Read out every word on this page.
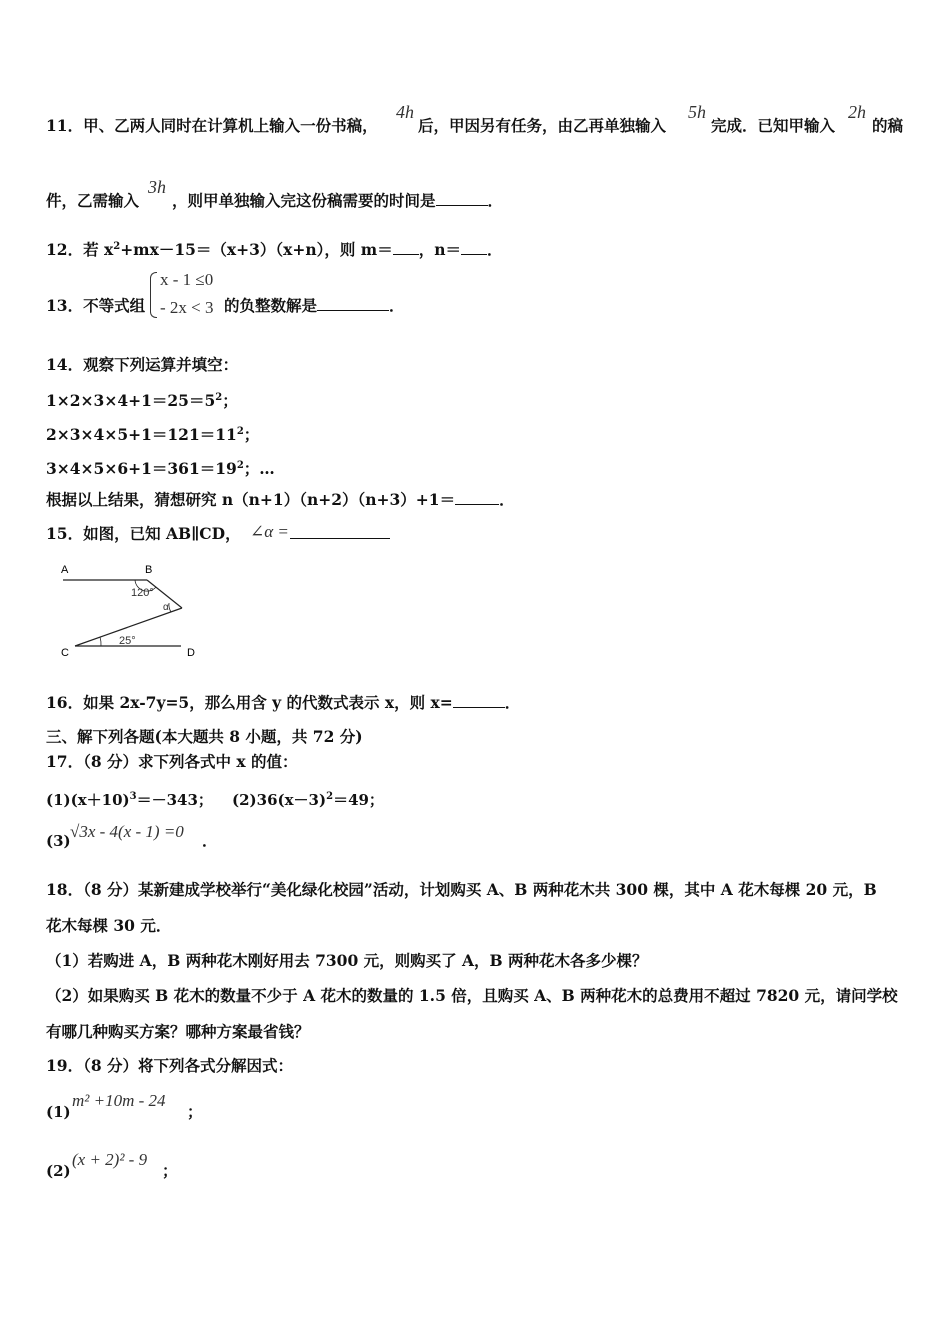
11．甲、乙两人同时在计算机上输入一份书稿，
4h
后，甲因另有任务，由乙再单独输入
5h
完成．已知甲输入
2h
的稿
件，乙需输入
3h
，则甲单独输入完这份稿需要的时间是	．
12．若 $x^2+mx-15=(x+3)(x+n)$，则 m＝ ，n＝ ．
13．不等式组
x - 1 ≤0
- 2x < 3 的负整数解是	．
14．观察下列运算并填空：
$1\times 2\times 3\times 4+1=25=5^2$；
$2\times 3\times 4\times 5+1=121=11^2$；
$3\times 4\times 5\times 6+1=361=19^2$；…
根据以上结果，猜想研究 n（n+1）（n+2）（n+3）+1＝	．
15．如图，已知 AB∥CD， ∠α =
A	B
C	D
120°
α
25°
16．如果 2x-7y=5，那么用含 y 的代数式表示 x，则 x=	．
三、解下列各题(本大题共 8 小题，共 72 分)
17．（8 分）求下列各式中 x 的值：
$(1)(x+10)^3=-343$； $(2)36(x-3)^2=49$；
(3) √3x - 4(x - 1) =0 ．
18．（8 分）某新建成学校举行“美化绿化校园”活动，计划购买 A、B 两种花木共 300 棵，其中 A 花木每棵 20 元，B
花木每棵 30 元．
（1）若购进 A，B 两种花木刚好用去 7300 元，则购买了 A，B 两种花木各多少棵？
（2）如果购买 B 花木的数量不少于 A 花木的数量的 1.5 倍，且购买 A、B 两种花木的总费用不超过 7820 元，请问学校
有哪几种购买方案？哪种方案最省钱？
19．（8 分）将下列各式分解因式：
(1)
m² +10m - 24
；
(2)
(x + 2)² - 9
；
